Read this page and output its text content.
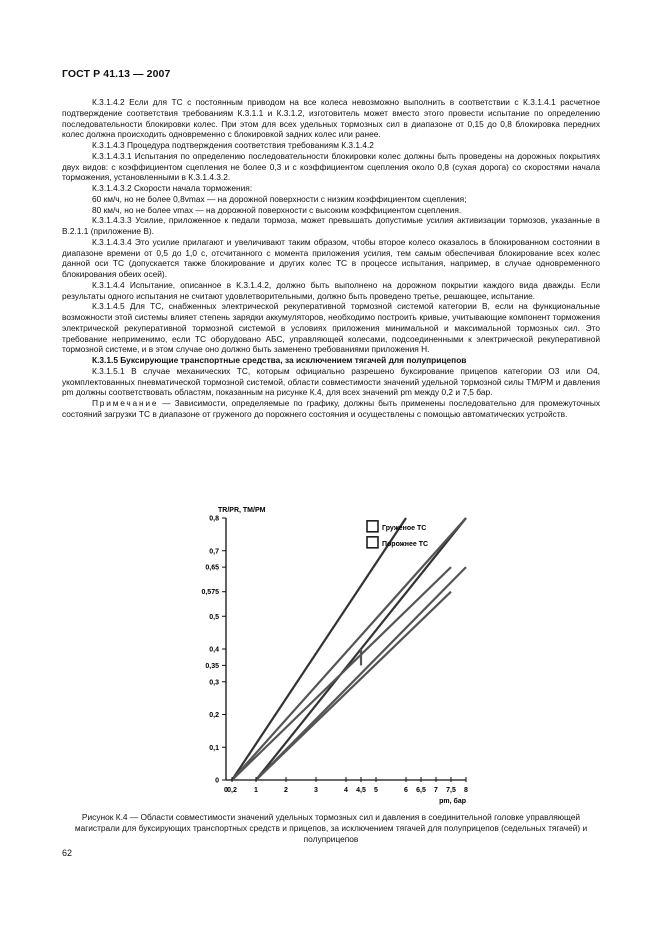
ГОСТ Р 41.13 — 2007

К.3.1.4.2 Если для ТС с постоянным приводом на все колеса невозможно выполнить в соответствии с К.3.1.4.1 расчетное подтверждение соответствия требованиям К.3.1.1 и К.3.1.2, изготовитель может вместо этого провести испытание по определению последовательности блокировки колес. При этом для всех удельных тормозных сил в диапазоне от 0,15 до 0,8 блокировка передних колес должна происходить одновременно с блокировкой задних колес или ранее.

К.3.1.4.3 Процедура подтверждения соответствия требованиям К.3.1.4.2

К.3.1.4.3.1 Испытания по определению последовательности блокировки колес должны быть проведены на дорожных покрытиях двух видов: с коэффициентом сцепления не более 0,3 и с коэффициентом сцепления около 0,8 (сухая дорога) со скоростями начала торможения, установленными в К.3.1.4.3.2.

К.3.1.4.3.2 Скорости начала торможения:

60 км/ч, но не более 0,8vmax — на дорожной поверхности с низким коэффициентом сцепления;

80 км/ч, но не более vmax — на дорожной поверхности с высоким коэффициентом сцепления.

К.3.1.4.3.3 Усилие, приложенное к педали тормоза, может превышать допустимые усилия активизации тормозов, указанные в В.2.1.1 (приложение В).

К.3.1.4.3.4 Это усилие прилагают и увеличивают таким образом, чтобы второе колесо оказалось в блокированном состоянии в диапазоне времени от 0,5 до 1,0 с, отсчитанного с момента приложения усилия, тем самым обеспечивая блокирование всех колес данной оси ТС (допускается также блокирование и других колес ТС в процессе испытания, например, в случае одновременного блокирования обеих осей).

К.3.1.4.4 Испытание, описанное в К.3.1.4.2, должно быть выполнено на дорожном покрытии каждого вида дважды. Если результаты одного испытания не считают удовлетворительными, должно быть проведено третье, решающее, испытание.

К.3.1.4.5 Для ТС, снабженных электрической рекуперативной тормозной системой категории В, если на функциональные возможности этой системы влияет степень зарядки аккумуляторов, необходимо построить кривые, учитывающие компонент торможения электрической рекуперативной тормозной системой в условиях приложения минимальной и максимальной тормозных сил. Это требование неприменимо, если ТС оборудовано АБС, управляющей колесами, подсоединенными к электрической рекуперативной тормозной системе, и в этом случае оно должно быть заменено требованиями приложения Н.

К.3.1.5 Буксирующие транспортные средства, за исключением тягачей для полуприцепов

К.3.1.5.1 В случае механических ТС, которым официально разрешено буксирование прицепов категории O3 или O4, укомплектованных пневматической тормозной системой, области совместимости значений удельной тормозной силы TM/PM и давления pm должны соответствовать областям, показанным на рисунке К.4, для всех значений pm между 0,2 и 7,5 бар.

Примечание — Зависимости, определяемые по графику, должны быть применены последовательно для промежуточных состояний загрузки ТС в диапазоне от груженого до порожнего состояния и осуществлены с помощью автоматических устройств.

0 0,2 1	2	3	4 4,5 5	6 6,5 7 7,5 8
0
0,1
0,2
0,3
0,35
0,4
0,5
0,575
0,65
0,7
0,8
TR/PR, TM/PM
pm, бар
Груженое ТС
Порожнее ТС
Рисунок К.4 — Области совместимости значений удельных тормозных сил и давления в соединительной головке управляющей магистрали для буксирующих транспортных средств и прицепов, за исключением тягачей для полуприцепов (седельных тягачей) и полуприцепов
62
